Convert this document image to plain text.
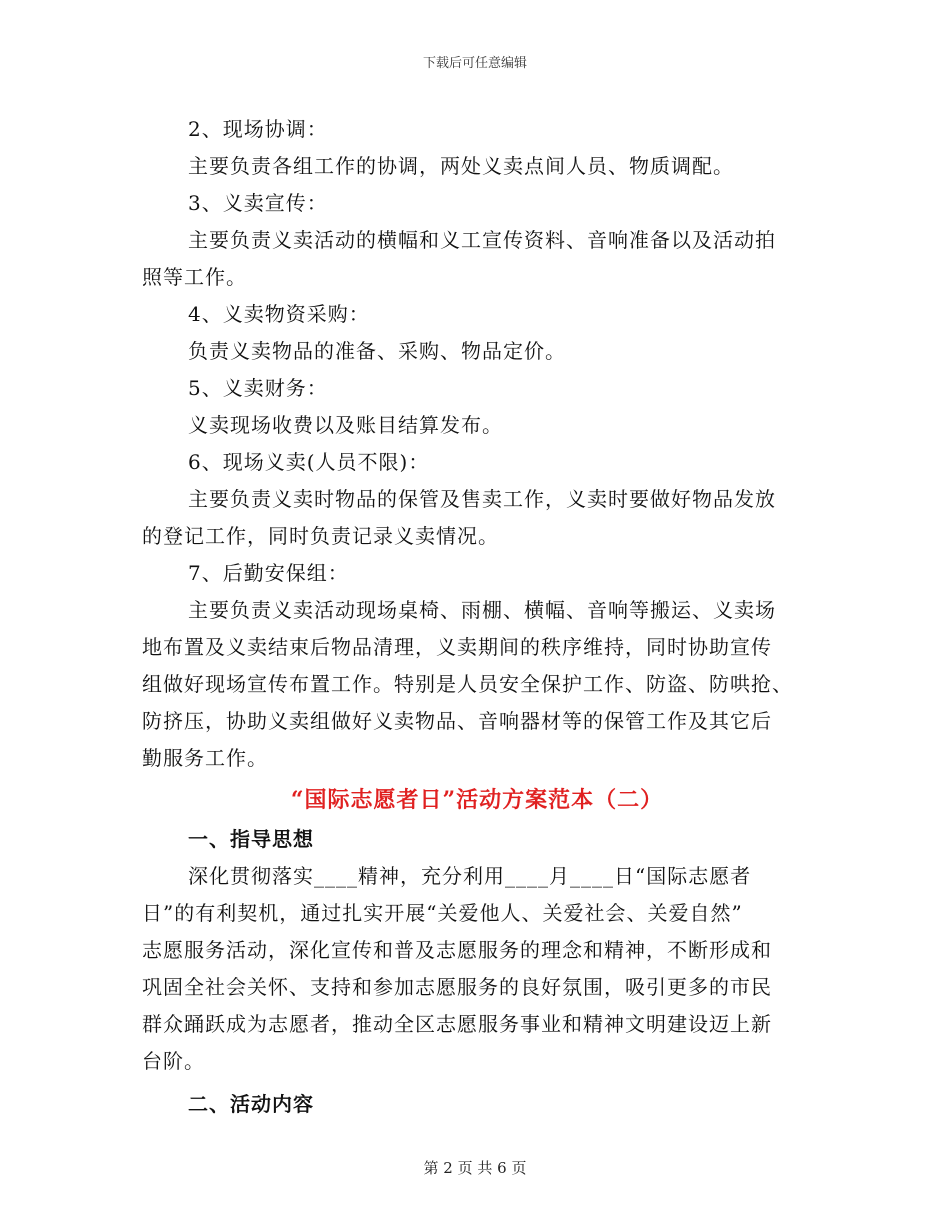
下载后可任意编辑
2、现场协调：
主要负责各组工作的协调，两处义卖点间人员、物质调配。
3、义卖宣传：
主要负责义卖活动的横幅和义工宣传资料、音响准备以及活动拍
照等工作。
4、义卖物资采购：
负责义卖物品的准备、采购、物品定价。
5、义卖财务：
义卖现场收费以及账目结算发布。
6、现场义卖(人员不限)：
主要负责义卖时物品的保管及售卖工作，义卖时要做好物品发放
的登记工作，同时负责记录义卖情况。
7、后勤安保组：
主要负责义卖活动现场桌椅、雨棚、横幅、音响等搬运、义卖场
地布置及义卖结束后物品清理，义卖期间的秩序维持，同时协助宣传
组做好现场宣传布置工作。特别是人员安全保护工作、防盗、防哄抢、
防挤压，协助义卖组做好义卖物品、音响器材等的保管工作及其它后
勤服务工作。
“国际志愿者日”活动方案范本（二）
一、指导思想
深化贯彻落实____精神，充分利用____月____日“国际志愿者
日”的有利契机，通过扎实开展“关爱他人、关爱社会、关爱自然”
志愿服务活动，深化宣传和普及志愿服务的理念和精神，不断形成和
巩固全社会关怀、支持和参加志愿服务的良好氛围，吸引更多的市民
群众踊跃成为志愿者，推动全区志愿服务事业和精神文明建设迈上新
台阶。
二、活动内容
第 2 页 共 6 页
